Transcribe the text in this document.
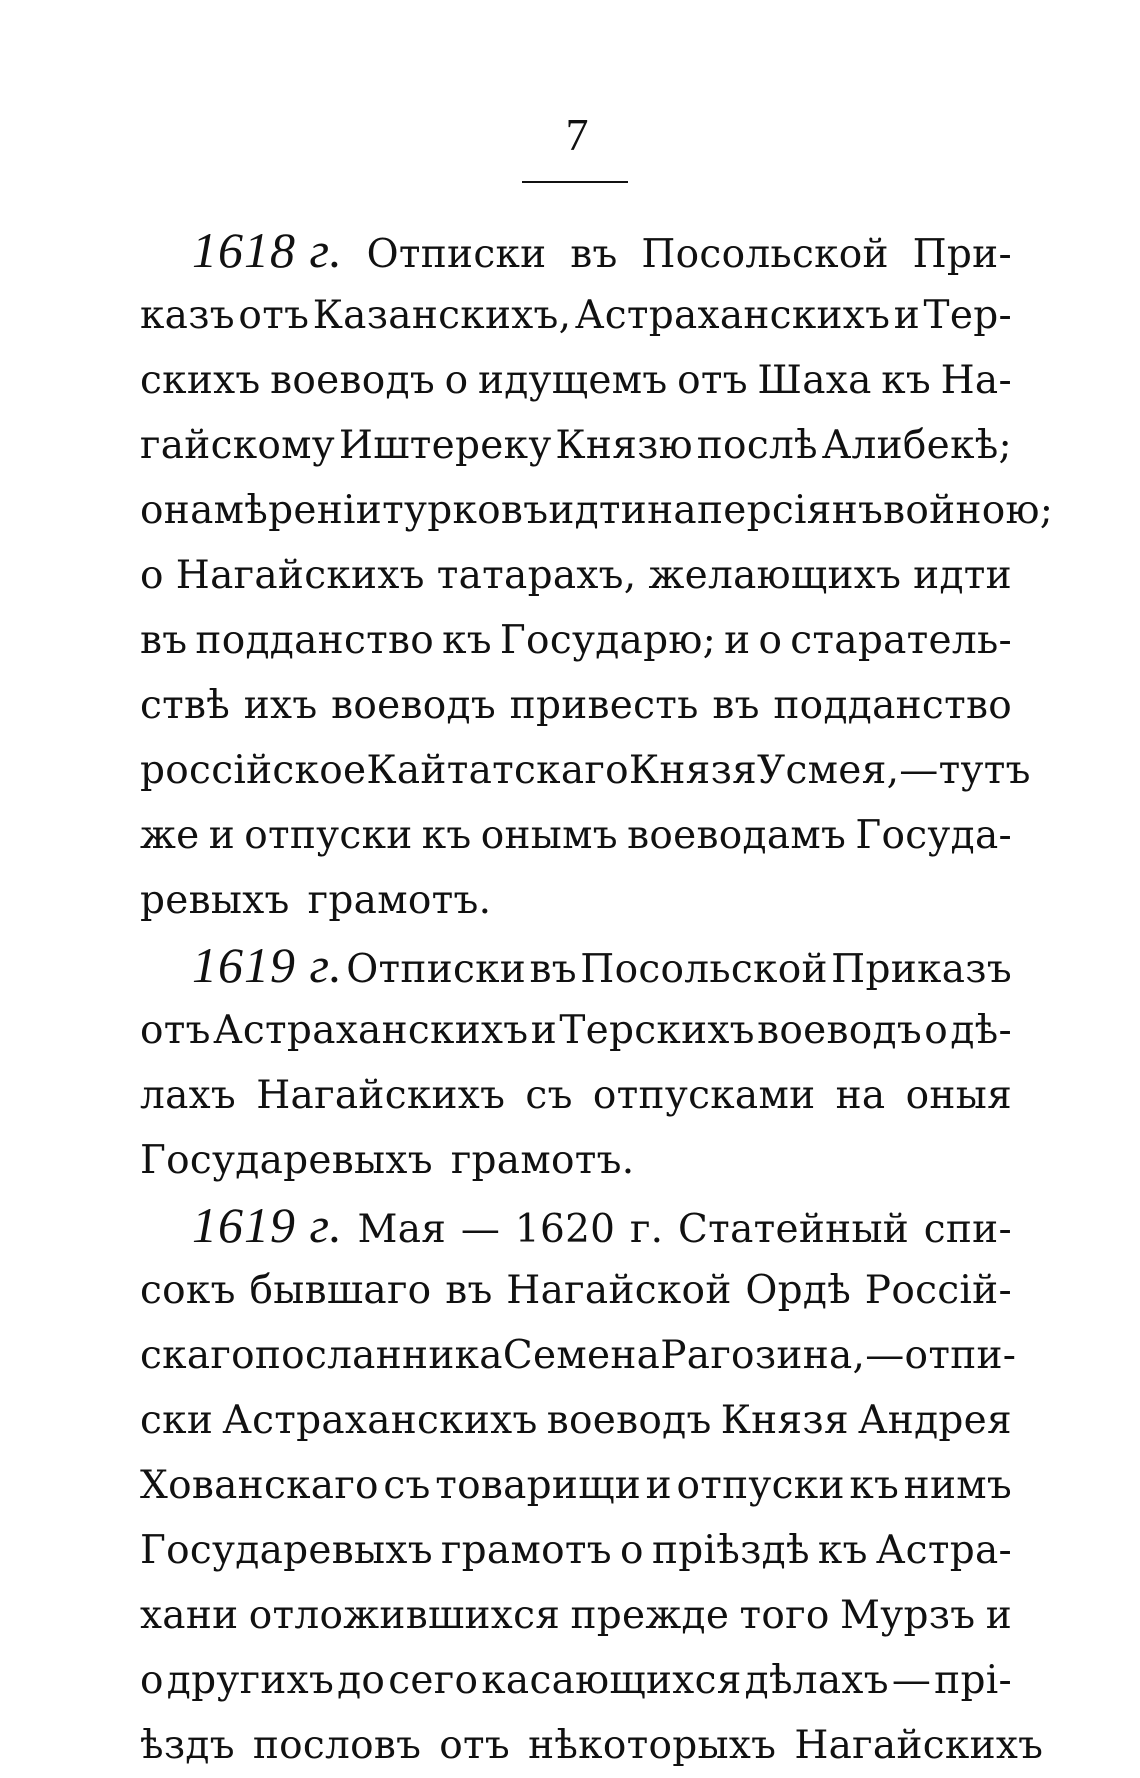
7
1618 г. Отписки въ Посольской При-
казъ отъ Казанскихъ, Астраханскихъ и Тер-
скихъ воеводъ о идущемъ отъ Шаха къ На-
гайскому Иштереку Князю послѣ Алибекѣ;
о намѣреніи турковъ идти на персіянъ войною;
о Нагайскихъ татарахъ, желающихъ идти
въ подданство къ Государю; и о старатель-
ствѣ ихъ воеводъ привесть въ подданство
россійское Кайтатскаго Князя Усмея,—тутъ
же и отпуски къ онымъ воеводамъ Госуда-
ревыхъ грамотъ.
1619 г. Отписки въ Посольской Приказъ
отъ Астраханскихъ и Терскихъ воеводъ о дѣ-
лахъ Нагайскихъ съ отпусками на оныя
Государевыхъ грамотъ.
1619 г. Мая — 1620 г. Статейный спи-
сокъ бывшаго въ Нагайской Ордѣ Россій-
скаго посланника Семена Рагозина,—отпи-
ски Астраханскихъ воеводъ Князя Андрея
Хованскаго съ товарищи и отпуски къ нимъ
Государевыхъ грамотъ о пріѣздѣ къ Астра-
хани отложившихся прежде того Мурзъ и
о другихъ до сего касающихся дѣлахъ — прі-
ѣздъ пословъ отъ нѣкоторыхъ Нагайскихъ
